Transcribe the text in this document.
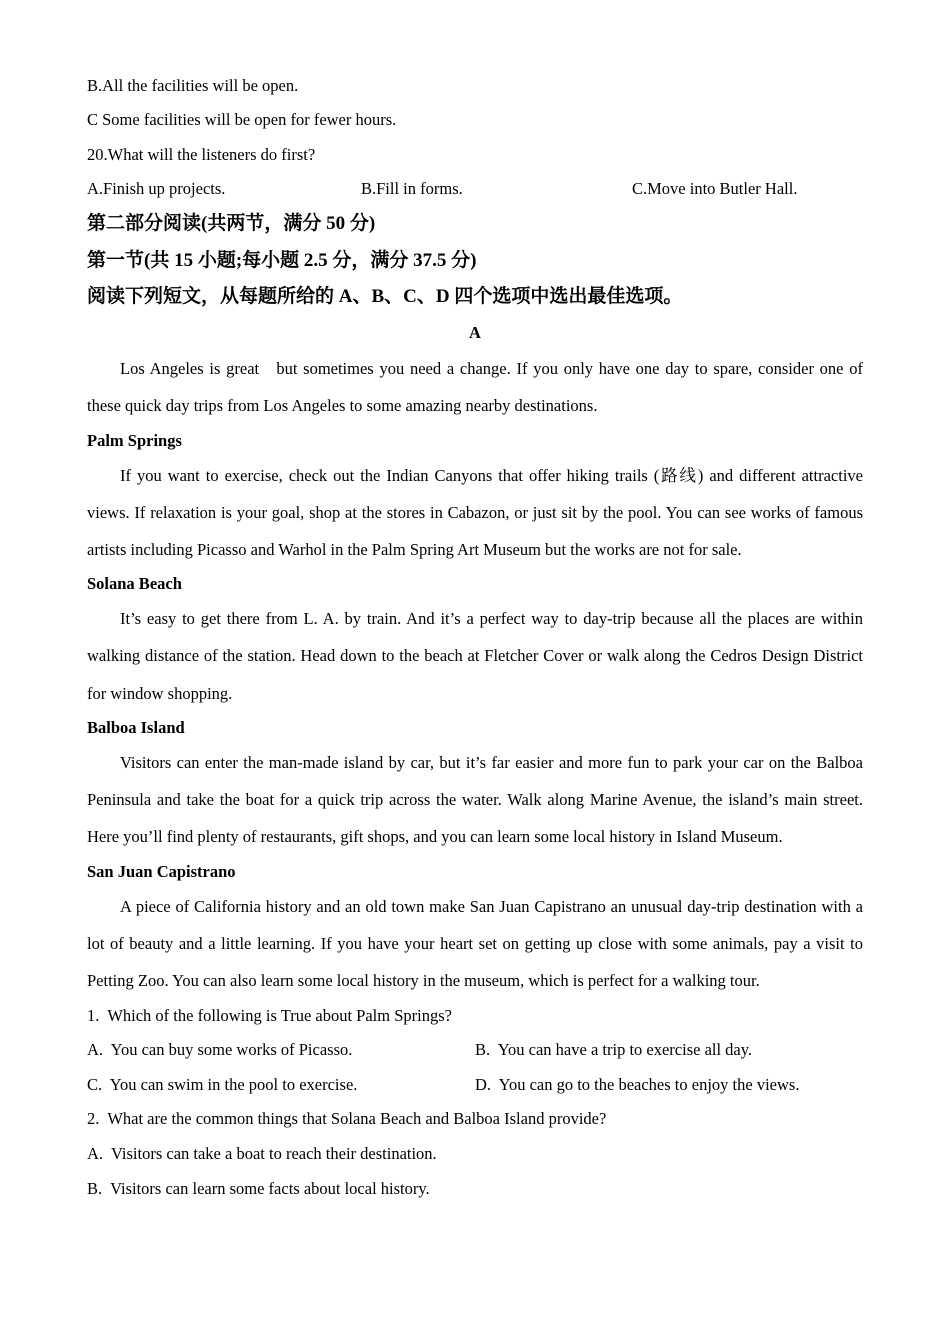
B.All the facilities will be open.
C Some facilities will be open for fewer hours.
20.What will the listeners do first?
A.Finish up projects.	B.Fill in forms.	C.Move into Butler Hall.
第二部分阅读(共两节，满分 50 分)
第一节(共 15 小题;每小题 2.5 分，满分 37.5 分)
阅读下列短文，从每题所给的 A、B、C、D 四个选项中选出最佳选项。
A
Los Angeles is great   but sometimes you need a change. If you only have one day to spare, consider one of
these quick day trips from Los Angeles to some amazing nearby destinations.
Palm Springs
If you want to exercise, check out the Indian Canyons that offer hiking trails (路线) and different attractive
views. If relaxation is your goal, shop at the stores in Cabazon, or just sit by the pool. You can see works of famous
artists including Picasso and Warhol in the Palm Spring Art Museum but the works are not for sale.
Solana Beach
It’s easy to get there from L. A. by train. And it’s a perfect way to day-trip because all the places are within
walking distance of the station. Head down to the beach at Fletcher Cover or walk along the Cedros Design District
for window shopping.
Balboa Island
Visitors can enter the man-made island by car, but it’s far easier and more fun to park your car on the Balboa
Peninsula and take the boat for a quick trip across the water. Walk along Marine Avenue, the island’s main street.
Here you’ll find plenty of restaurants, gift shops, and you can learn some local history in Island Museum.
San Juan Capistrano
A piece of California history and an old town make San Juan Capistrano an unusual day-trip destination with a
lot of beauty and a little learning. If you have your heart set on getting up close with some animals, pay a visit to
Petting Zoo. You can also learn some local history in the museum, which is perfect for a walking tour.
1.  Which of the following is True about Palm Springs?
A.  You can buy some works of Picasso.	B.  You can have a trip to exercise all day.
C.  You can swim in the pool to exercise.	D.  You can go to the beaches to enjoy the views.
2.  What are the common things that Solana Beach and Balboa Island provide?
A.  Visitors can take a boat to reach their destination.
B.  Visitors can learn some facts about local history.
